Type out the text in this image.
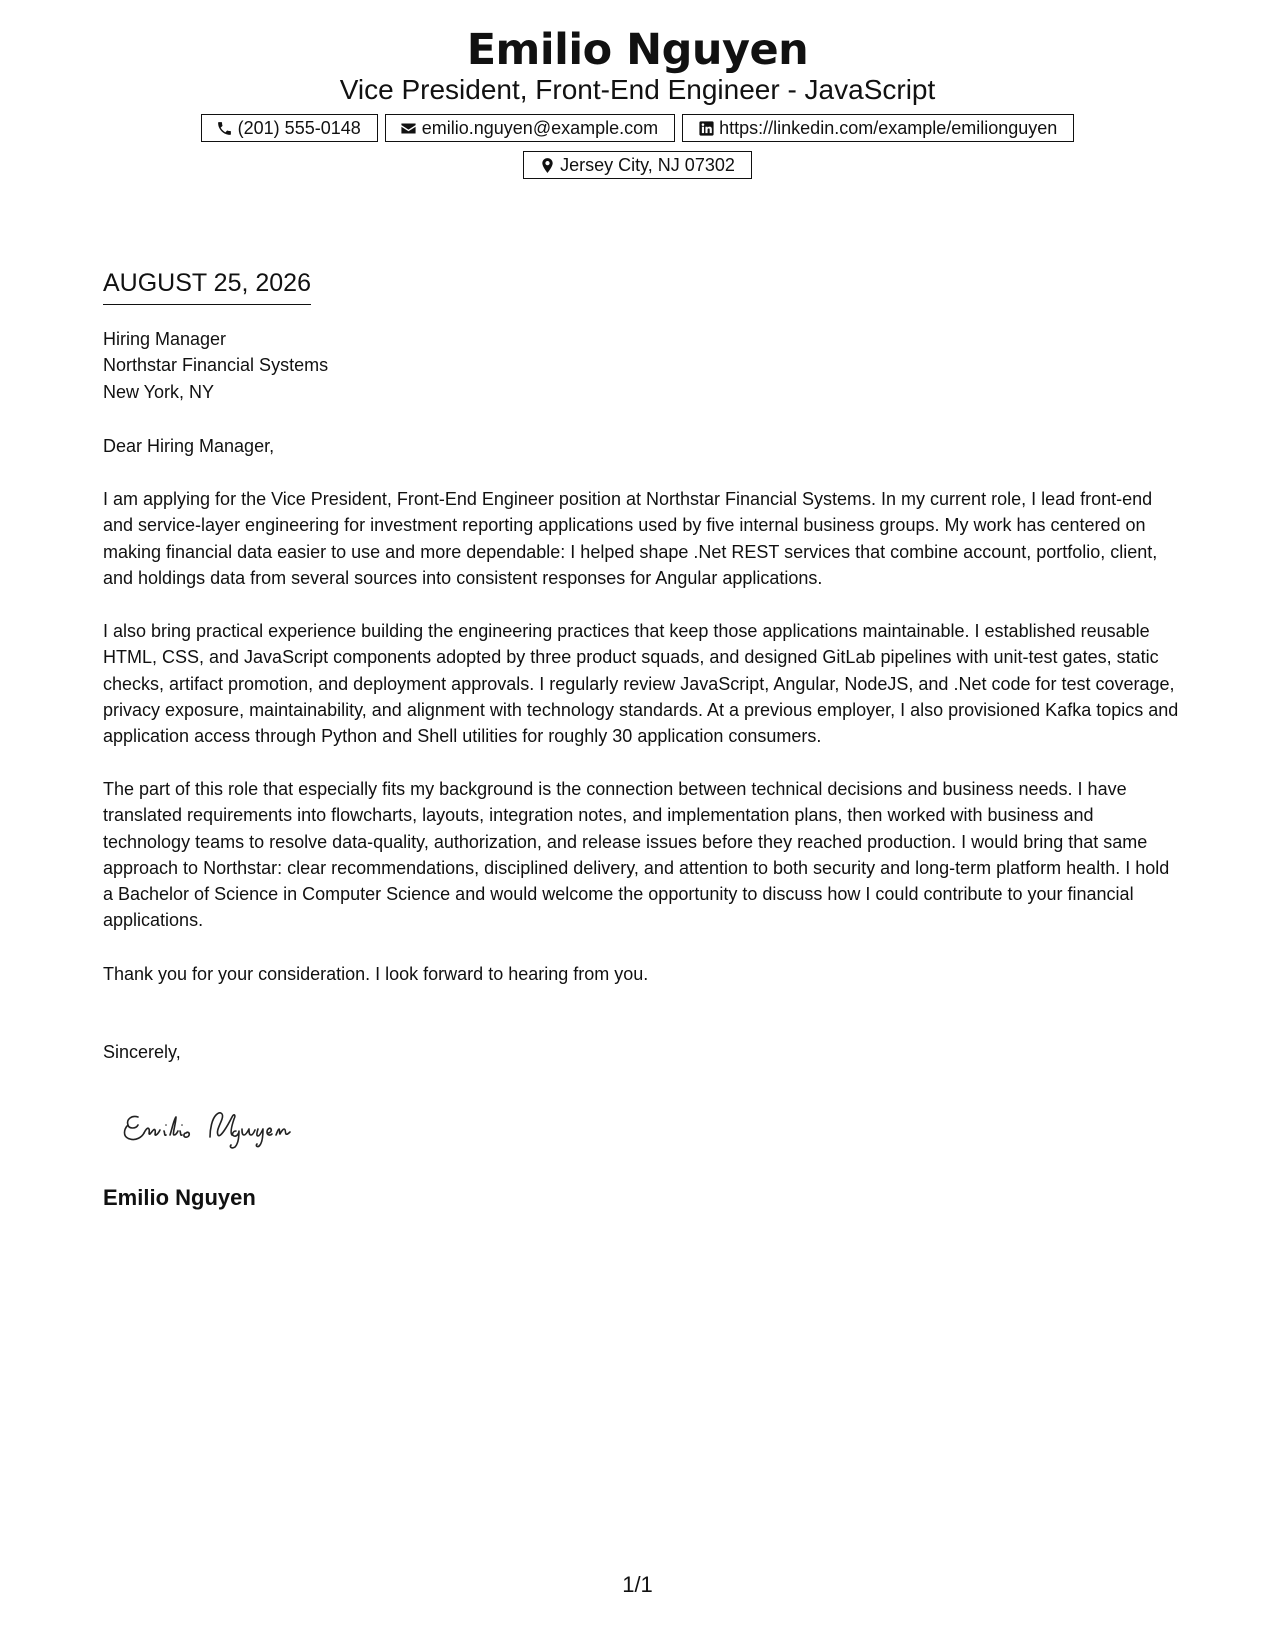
Emilio Nguyen
Vice President, Front-End Engineer - JavaScript
(201) 555-0148	emilio.nguyen@example.com	https://linkedin.com/example/emilionguyen
Jersey City, NJ 07302
AUGUST 25, 2026
Hiring Manager
Northstar Financial Systems
New York, NY
Dear Hiring Manager,
I am applying for the Vice President, Front-End Engineer position at Northstar Financial Systems. In my current role, I lead front-end and service-layer engineering for investment reporting applications used by five internal business groups. My work has centered on making financial data easier to use and more dependable: I helped shape .Net REST services that combine account, portfolio, client, and holdings data from several sources into consistent responses for Angular applications.
I also bring practical experience building the engineering practices that keep those applications maintainable. I established reusable HTML, CSS, and JavaScript components adopted by three product squads, and designed GitLab pipelines with unit-test gates, static checks, artifact promotion, and deployment approvals. I regularly review JavaScript, Angular, NodeJS, and .Net code for test coverage, privacy exposure, maintainability, and alignment with technology standards. At a previous employer, I also provisioned Kafka topics and application access through Python and Shell utilities for roughly 30 application consumers.
The part of this role that especially fits my background is the connection between technical decisions and business needs. I have translated requirements into flowcharts, layouts, integration notes, and implementation plans, then worked with business and technology teams to resolve data-quality, authorization, and release issues before they reached production. I would bring that same approach to Northstar: clear recommendations, disciplined delivery, and attention to both security and long-term platform health. I hold a Bachelor of Science in Computer Science and would welcome the opportunity to discuss how I could contribute to your financial applications.
Thank you for your consideration. I look forward to hearing from you.
Sincerely,
Emilio Nguyen
1/1
